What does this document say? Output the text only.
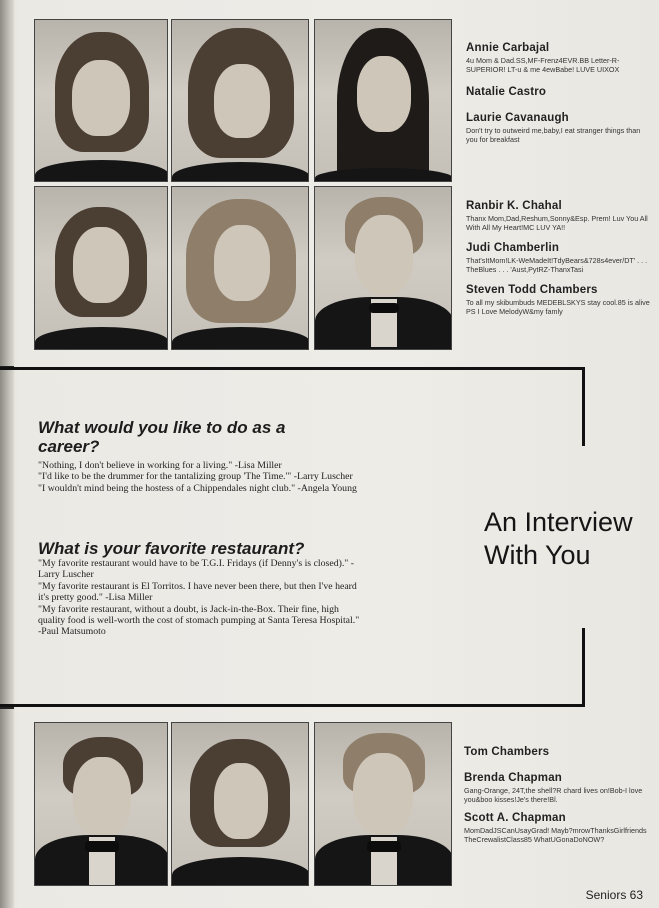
Annie Carbajal

4u Mom & Dad.SS,MF-Frenz4EVR.BB Letter-R-SUPERIOR! LT-u & me 4ewBabe! LUVE UIXOX

Natalie Castro

Laurie Cavanaugh

Don't try to outweird me,baby,I eat stranger things than you for breakfast

Ranbir K. Chahal

Thanx Mom,Dad,Reshum,Sonny&Esp. Prem! Luv You All With All My Heart!MC LUV YA!!

Judi Chamberlin

That'sItMom!LK-WeMadeIt!TdyBears&728s4ever/DT' . . . TheBlues . . . 'Aust,PytRZ-ThanxTasi

Steven Todd Chambers

To all my skibumbuds MEDEBLSKYS stay cool.85 is alive PS I Love MelodyW&my famly

What would you like to do as a career?

"Nothing, I don't believe in working for a living." -Lisa Miller

"I'd like to be the drummer for the tantalizing group 'The Time.'" -Larry Luscher

"I wouldn't mind being the hostess of a Chippendales night club." -Angela Young

What is your favorite restaurant?

"My favorite restaurant would have to be T.G.I. Fridays (if Denny's is closed)." -Larry Luscher

"My favorite restaurant is El Torritos. I have never been there, but then I've heard it's pretty good." -Lisa Miller

"My favorite restaurant, without a doubt, is Jack-in-the-Box. Their fine, high quality food is well-worth the cost of stomach pumping at Santa Teresa Hospital." -Paul Matsumoto

An Interview
With You

Tom Chambers

Brenda Chapman

Gang-Orange, 24T,the shell?R chard lives on!Bob-I love you&boo kisses!Je's there!Bl.

Scott A. Chapman

MomDadJSCanUsayGrad! Mayb?mrowThanksGirlfriends TheCrewalistClass85 WhatUGonaDoNOW?

Seniors 63
